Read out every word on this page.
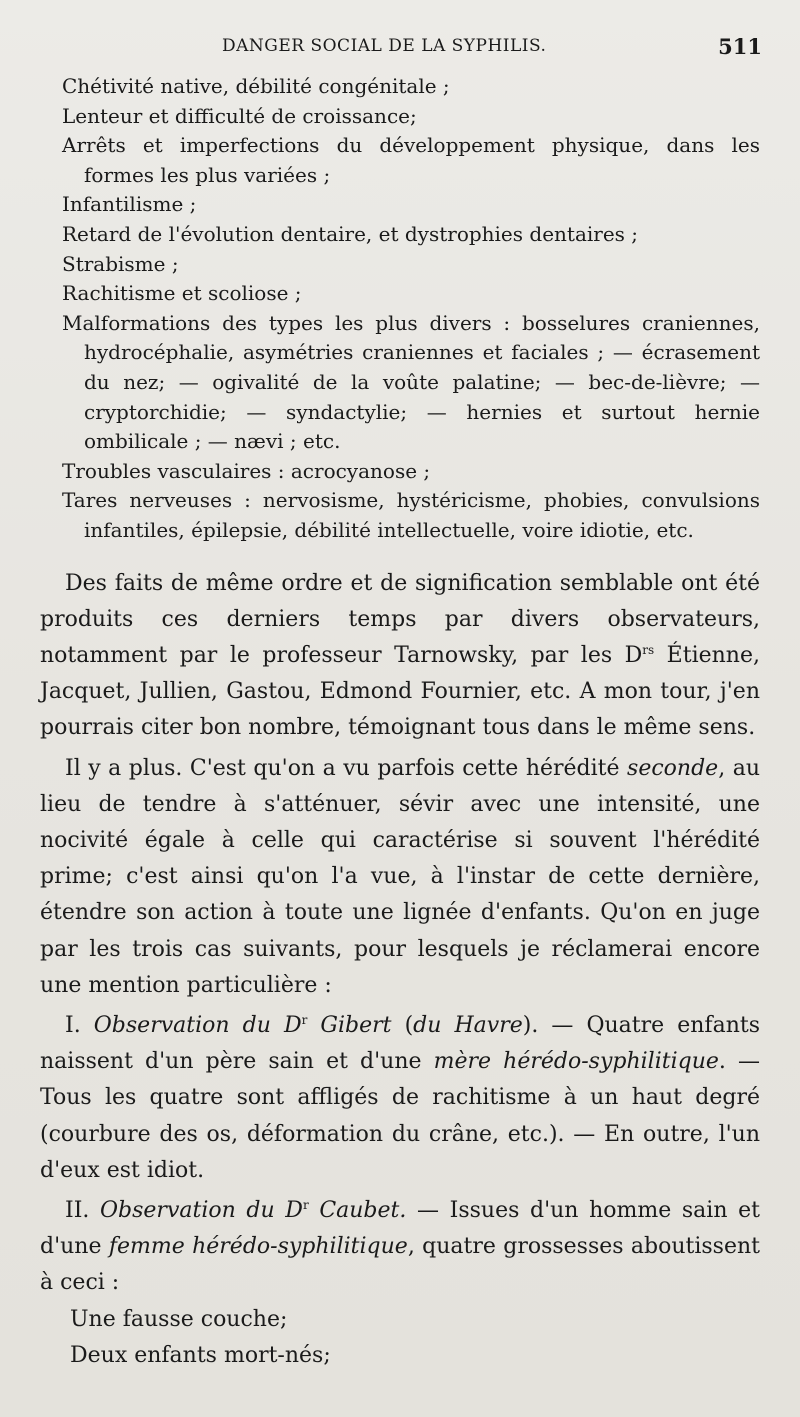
DANGER SOCIAL DE LA SYPHILIS.	511
Chétivité native, débilité congénitale ;
Lenteur et difficulté de croissance;
Arrêts et imperfections du développement physique, dans les formes les plus variées ;
Infantilisme ;
Retard de l'évolution dentaire, et dystrophies dentaires ;
Strabisme ;
Rachitisme et scoliose ;
Malformations des types les plus divers : bosselures craniennes, hydrocéphalie, asymétries craniennes et faciales ; — écrasement du nez; — ogivalité de la voûte palatine; — bec-de-lièvre; — cryptorchidie; — syndactylie; — hernies et surtout hernie ombilicale ; — nævi ; etc.
Troubles vasculaires : acrocyanose ;
Tares nerveuses : nervosisme, hystéricisme, phobies, convulsions infantiles, épilepsie, débilité intellectuelle, voire idiotie, etc.

Des faits de même ordre et de signification semblable ont été produits ces derniers temps par divers observateurs, notamment par le professeur Tarnowsky, par les $D^{rs}$ Étienne, Jacquet, Jullien, Gastou, Edmond Fournier, etc. A mon tour, j'en pourrais citer bon nombre, témoignant tous dans le même sens.

Il y a plus. C'est qu'on a vu parfois cette hérédité seconde, au lieu de tendre à s'atténuer, sévir avec une intensité, une nocivité égale à celle qui caractérise si souvent l'hérédité prime; c'est ainsi qu'on l'a vue, à l'instar de cette dernière, étendre son action à toute une lignée d'enfants. Qu'on en juge par les trois cas suivants, pour lesquels je réclamerai encore une mention particulière :

I. Observation du $D^r$ Gibert (du Havre). — Quatre enfants naissent d'un père sain et d'une mère hérédo-syphilitique. — Tous les quatre sont affligés de rachitisme à un haut degré (courbure des os, déformation du crâne, etc.). — En outre, l'un d'eux est idiot.

II. Observation du $D^r$ Caubet. — Issues d'un homme sain et d'une femme hérédo-syphilitique, quatre grossesses aboutissent à ceci :

Une fausse couche;
Deux enfants mort-nés;
